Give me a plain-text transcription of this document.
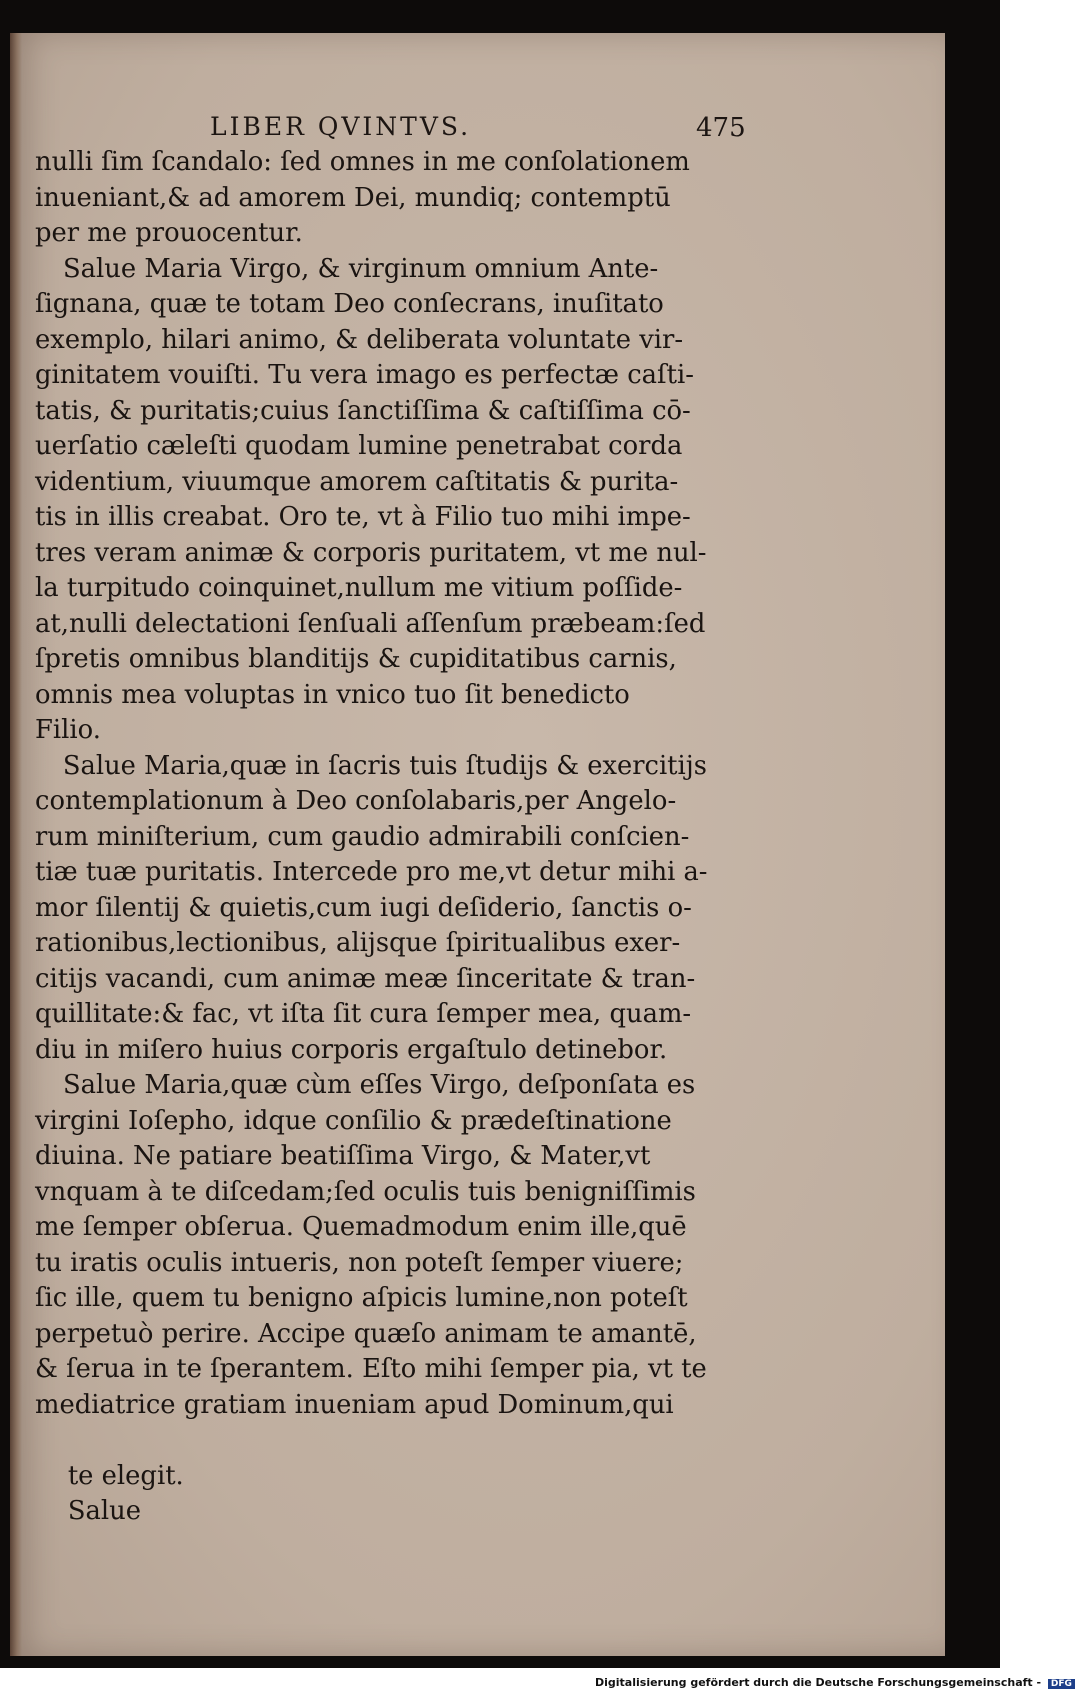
LIBER QVINTVS.	475
nulli ſim ſcandalo: ſed omnes in me conſolationem
inueniant,& ad amorem Dei, mundiq; contemptū
per me prouocentur.
Salue Maria Virgo, & virginum omnium Ante-
ſignana, quæ te totam Deo conſecrans, inuſitato
exemplo, hilari animo, & deliberata voluntate vir-
ginitatem vouiſti. Tu vera imago es perfectæ caſti-
tatis, & puritatis;cuius ſanctiſſima & caſtiſſima cō-
uerſatio cæleſti quodam lumine penetrabat corda
videntium, viuumque amorem caſtitatis & purita-
tis in illis creabat. Oro te, vt à Filio tuo mihi impe-
tres veram animæ & corporis puritatem, vt me nul-
la turpitudo coinquinet,nullum me vitium poſſide-
at,nulli delectationi ſenſuali aſſenſum præbeam:ſed
ſpretis omnibus blanditijs & cupiditatibus carnis,
omnis mea voluptas in vnico tuo ſit benedicto
Filio.
Salue Maria,quæ in ſacris tuis ſtudijs & exercitijs
contemplationum à Deo conſolabaris,per Angelo-
rum miniſterium, cum gaudio admirabili conſcien-
tiæ tuæ puritatis. Intercede pro me,vt detur mihi a-
mor ſilentij & quietis,cum iugi deſiderio, ſanctis o-
rationibus,lectionibus, alijsque ſpiritualibus exer-
citijs vacandi, cum animæ meæ ſinceritate & tran-
quillitate:& fac, vt iſta ſit cura ſemper mea, quam-
diu in miſero huius corporis ergaſtulo detinebor.
Salue Maria,quæ cùm eſſes Virgo, deſponſata es
virgini Ioſepho, idque conſilio & prædeſtinatione
diuina. Ne patiare beatiſſima Virgo, & Mater,vt
vnquam à te diſcedam;ſed oculis tuis benigniſſimis
me ſemper obſerua. Quemadmodum enim ille,quē
tu iratis oculis intueris, non poteſt ſemper viuere;
ſic ille, quem tu benigno aſpicis lumine,non poteſt
perpetuò perire. Accipe quæſo animam te amantē,
& ſerua in te ſperantem. Eſto mihi ſemper pia, vt te
mediatrice gratiam inueniam apud Dominum,qui

te elegit.
Salue

Digitalisierung gefördert durch die Deutsche Forschungsgemeinschaft - DFG
